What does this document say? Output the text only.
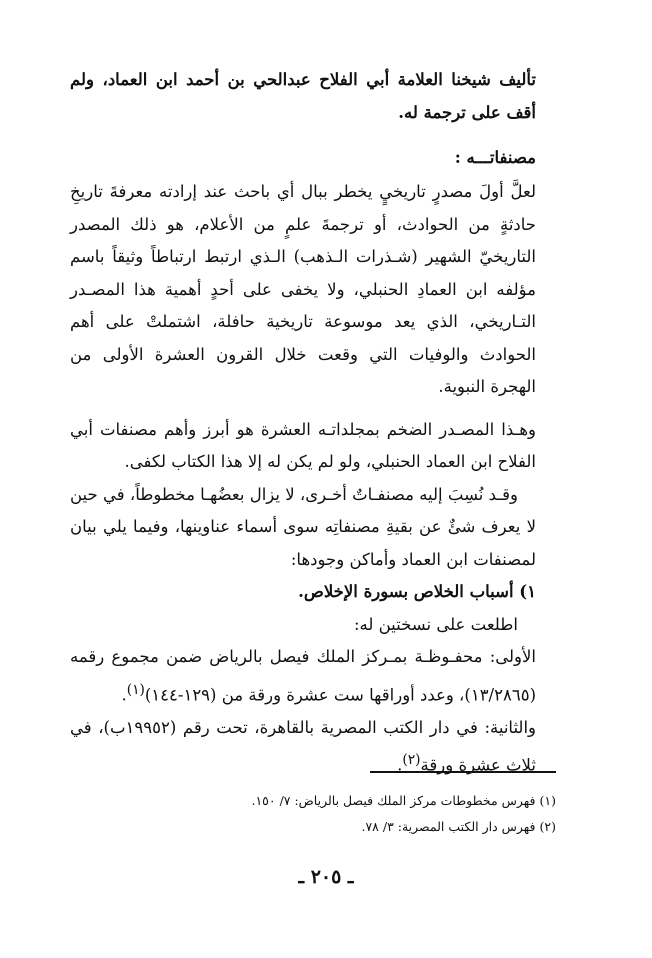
تأليف شيخنا العلامة أبي الفلاح عبدالحي بن أحمد ابن العماد، ولم أقف على ترجمة له.

مصنفاتـــه :

لعلَّ أولَ مصدرٍ تاريخيٍ يخطر ببال أي باحث عند إرادته معرفةَ تاريخِ حادثةٍ من الحوادث، أو ترجمةَ علمٍ من الأعلام، هو ذلك المصدر التاريخيّ الشهير (شـذرات الـذهب) الـذي ارتبط ارتباطاً وثيقاً باسم مؤلفه ابن العمادِ الحنبلي، ولا يخفى على أحدٍ أهمية هذا المصـدر التـاريخي، الذي يعد موسوعة تاريخية حافلة، اشتملتْ على أهم الحوادث والوفيات التي وقعت خلال القرون العشرة الأولى من الهجرة النبوية.

وهـذا المصـدر الضخم بمجلداتـه العشرة هو أبرز وأهم مصنفات أبي الفلاح ابن العماد الحنبلي، ولو لم يكن له إلا هذا الكتاب لكفى.

وقـد نُسِبَ إليه مصنفـاتٌ أخـرى، لا يزال بعضُهـا مخطوطاً، في حين لا يعرف شئٌ عن بقيةِ مصنفاتِه سوى أسماء عناوينها، وفيما يلي بيان لمصنفات ابن العماد وأماكن وجودها:

١) أسباب الخلاص بسورة الإخلاص.

اطلعت على نسختين له:

الأولى: محفـوظـة بمـركز الملك فيصل بالرياض ضمن مجموع رقمه (١٣/٢٨٦٥)، وعدد أوراقها ست عشرة ورقة من (١٢٩-١٤٤)$^{(١)}$.

والثانية: في دار الكتب المصرية بالقاهرة، تحت رقم (١٩٩٥٢ب)، في ثلاث عشرة ورقة$^{(٢)}$.

(١) فهرس مخطوطات مركز الملك فيصل بالرياض: ٧/ ١٥٠.
(٢) فهرس دار الكتب المصرية: ٣/ ٧٨.
ـ ٢٠٥ ـ
